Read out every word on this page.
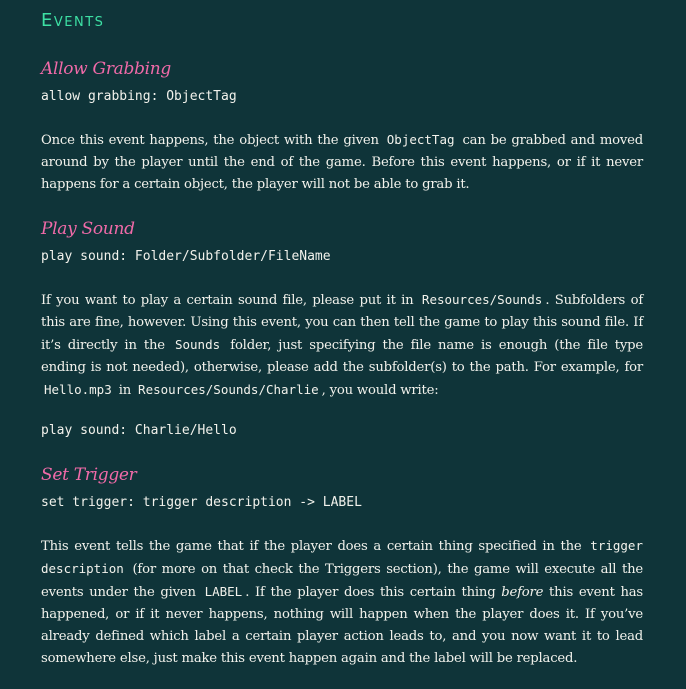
Events
Allow Grabbing
allow grabbing: ObjectTag

Once this event happens, the object with the given ObjectTag can be grabbed and moved around by the player until the end of the game. Before this event happens, or if it never happens for a certain object, the player will not be able to grab it.

Play Sound
play sound: Folder/Subfolder/FileName

If you want to play a certain sound file, please put it in Resources/Sounds . Subfolders of this are fine, however. Using this event, you can then tell the game to play this sound file. If it’s directly in the Sounds folder, just specifying the file name is enough (the file type ending is not needed), otherwise, please add the subfolder(s) to the path. For example, for Hello.mp3 in Resources/Sounds/Charlie , you would write:

play sound: Charlie/Hello
Set Trigger
set trigger: trigger description -> LABEL

This event tells the game that if the player does a certain thing specified in the trigger description (for more on that check the Triggers section), the game will execute all the events under the given LABEL . If the player does this certain thing before this event has happened, or if it never happens, nothing will happen when the player does it. If you’ve already defined which label a certain player action leads to, and you now want it to lead somewhere else, just make this event happen again and the label will be replaced.
